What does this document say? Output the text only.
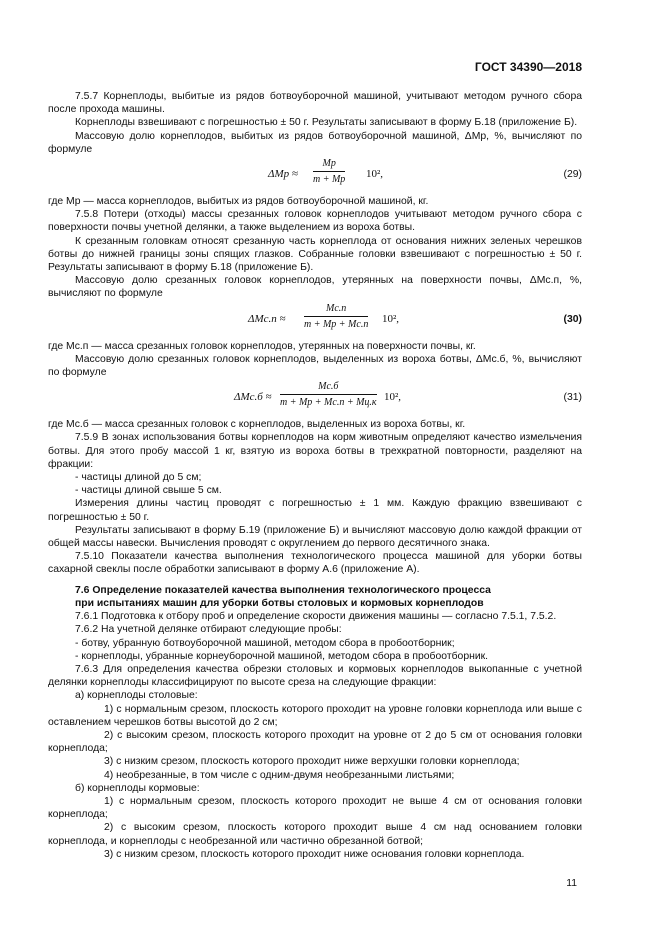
ГОСТ 34390—2018

7.5.7 Корнеплоды, выбитые из рядов ботвоуборочной машиной, учитывают методом ручного сбора после прохода машины.

Корнеплоды взвешивают с погрешностью ± 50 г. Результаты записывают в форму Б.18 (приложение Б).

Массовую долю корнеплодов, выбитых из рядов ботвоуборочной машиной, ΔMр, %, вычисляют по формуле

ΔMр ≈
Mр
m + Mр 10²,	(29)

где Mр — масса корнеплодов, выбитых из рядов ботвоуборочной машиной, кг.

7.5.8 Потери (отходы) массы срезанных головок корнеплодов учитывают методом ручного сбора с поверхности почвы учетной делянки, а также выделением из вороха ботвы.

К срезанным головкам относят срезанную часть корнеплода от основания нижних зеленых черешков ботвы до нижней границы зоны спящих глазков. Собранные головки взвешивают с погрешностью ± 50 г. Результаты записывают в форму Б.18 (приложение Б).

Массовую долю срезанных головок корнеплодов, утерянных на поверхности почвы, ΔMс.п, %, вычисляют по формуле

ΔMс.п ≈
Mс.п
m + Mр + Mс.п 10²,	(30)

где Mс.п — масса срезанных головок корнеплодов, утерянных на поверхности почвы, кг.

Массовую долю срезанных головок корнеплодов, выделенных из вороха ботвы, ΔMс.б, %, вычисляют по формуле

ΔMс.б ≈
Mс.б
m + Mр + Mс.п + Mц.к 10²,	(31)

где Mс.б — масса срезанных головок с корнеплодов, выделенных из вороха ботвы, кг.

7.5.9 В зонах использования ботвы корнеплодов на корм животным определяют качество измельчения ботвы. Для этого пробу массой 1 кг, взятую из вороха ботвы в трехкратной повторности, разделяют на фракции:

- частицы длиной до 5 см;

- частицы длиной свыше 5 см.

Измерения длины частиц проводят с погрешностью ± 1 мм. Каждую фракцию взвешивают с погрешностью ± 50 г.

Результаты записывают в форму Б.19 (приложение Б) и вычисляют массовую долю каждой фракции от общей массы навески. Вычисления проводят с округлением до первого десятичного знака.

7.5.10 Показатели качества выполнения технологического процесса машиной для уборки ботвы сахарной свеклы после обработки записывают в форму А.6 (приложение А).

7.6 Определение показателей качества выполнения технологического процесса

при испытаниях машин для уборки ботвы столовых и кормовых корнеплодов

7.6.1 Подготовка к отбору проб и определение скорости движения машины — согласно 7.5.1, 7.5.2.

7.6.2 На учетной делянке отбирают следующие пробы:

- ботву, убранную ботвоуборочной машиной, методом сбора в пробоотборник;

- корнеплоды, убранные корнеуборочной машиной, методом сбора в пробоотборник.

7.6.3 Для определения качества обрезки столовых и кормовых корнеплодов выкопанные с учетной делянки корнеплоды классифицируют по высоте среза на следующие фракции:

а) корнеплоды столовые:

1) с нормальным срезом, плоскость которого проходит на уровне головки корнеплода или выше с оставлением черешков ботвы высотой до 2 см;

2) с высоким срезом, плоскость которого проходит на уровне от 2 до 5 см от основания головки корнеплода;

3) с низким срезом, плоскость которого проходит ниже верхушки головки корнеплода;

4) необрезанные, в том числе с одним-двумя необрезанными листьями;

б) корнеплоды кормовые:

1) с нормальным срезом, плоскость которого проходит не выше 4 см от основания головки корнеплода;

2) с высоким срезом, плоскость которого проходит выше 4 см над основанием головки корнеплода, и корнеплоды с необрезанной или частично обрезанной ботвой;

3) с низким срезом, плоскость которого проходит ниже основания головки корнеплода.

11
